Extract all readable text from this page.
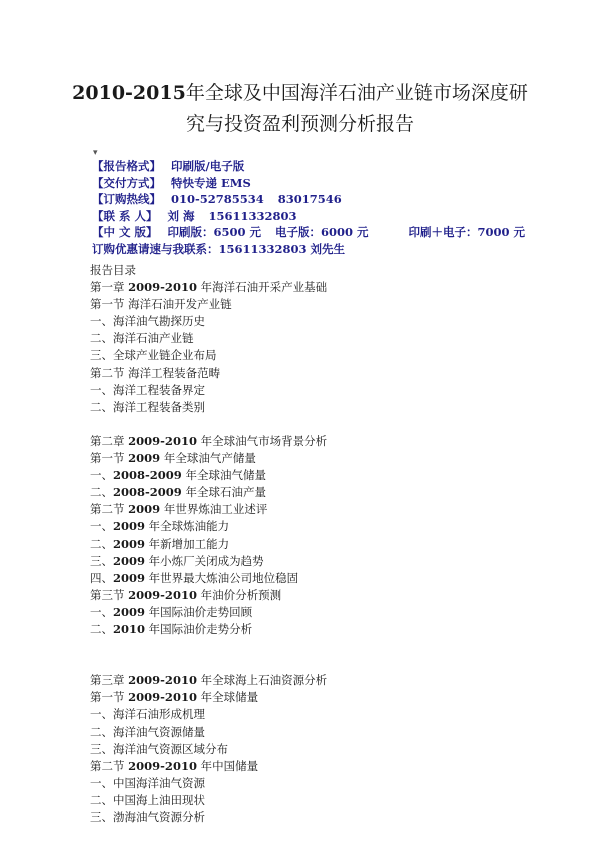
2010-2015年全球及中国海洋石油产业链市场深度研
究与投资盈利预测分析报告
▾
【报告格式】 印刷版/电子版
【交付方式】 特快专递 EMS
【订购热线】 010-52785534 83017546
【联 系 人】 刘 海 15611332803
【中 文 版】 印刷版：6500 元 电子版：6000 元	印刷＋电子：7000 元
订购优惠请速与我联系：15611332803 刘先生
报告目录
第一章 2009-2010 年海洋石油开采产业基础
第一节 海洋石油开发产业链
一、海洋油气勘探历史
二、海洋石油产业链
三、全球产业链企业布局
第二节 海洋工程装备范畴
一、海洋工程装备界定
二、海洋工程装备类别
第二章 2009-2010 年全球油气市场背景分析
第一节 2009 年全球油气产储量
一、2008-2009 年全球油气储量
二、2008-2009 年全球石油产量
第二节 2009 年世界炼油工业述评
一、2009 年全球炼油能力
二、2009 年新增加工能力
三、2009 年小炼厂关闭成为趋势
四、2009 年世界最大炼油公司地位稳固
第三节 2009-2010 年油价分析预测
一、2009 年国际油价走势回顾
二、2010 年国际油价走势分析
第三章 2009-2010 年全球海上石油资源分析
第一节 2009-2010 年全球储量
一、海洋石油形成机理
二、海洋油气资源储量
三、海洋油气资源区域分布
第二节 2009-2010 年中国储量
一、中国海洋油气资源
二、中国海上油田现状
三、渤海油气资源分析
